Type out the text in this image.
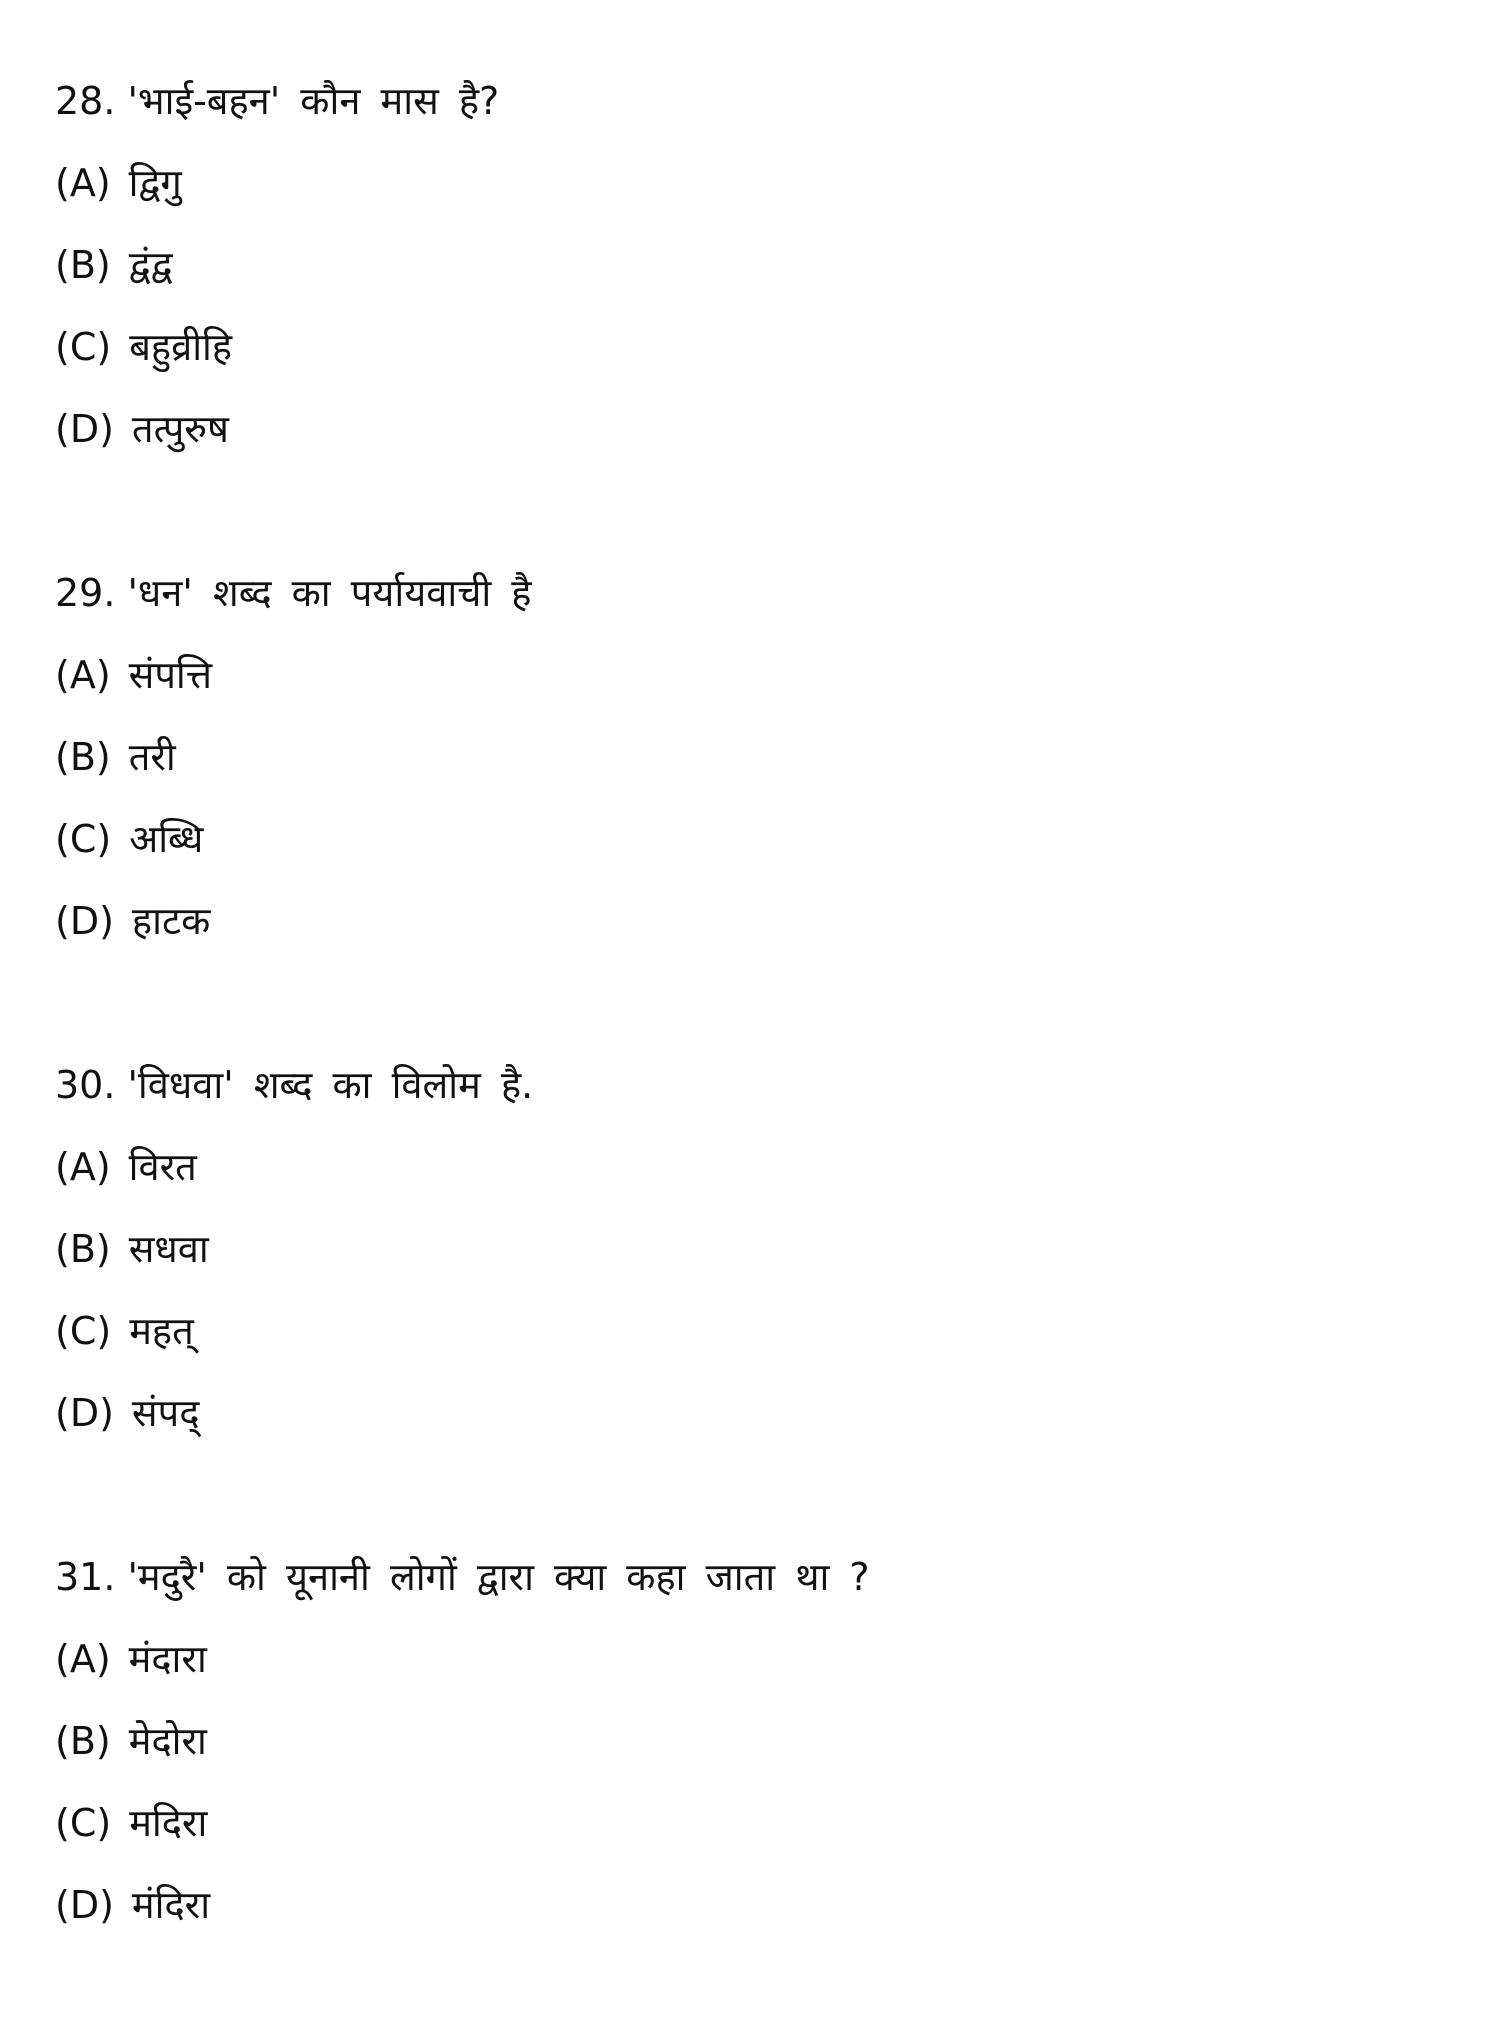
28. 'भाई-बहन' कौन मास है?
(A) द्विगु
(B) द्वंद्व
(C) बहुव्रीहि
(D) तत्पुरुष
29. 'धन' शब्द का पर्यायवाची है
(A) संपत्ति
(B) तरी
(C) अब्धि
(D) हाटक
30. 'विधवा' शब्द का विलोम है.
(A) विरत
(B) सधवा
(C) महत्
(D) संपद्
31. 'मदुरै' को यूनानी लोगों द्वारा क्या कहा जाता था ?
(A) मंदारा
(B) मेदोरा
(C) मदिरा
(D) मंदिरा
